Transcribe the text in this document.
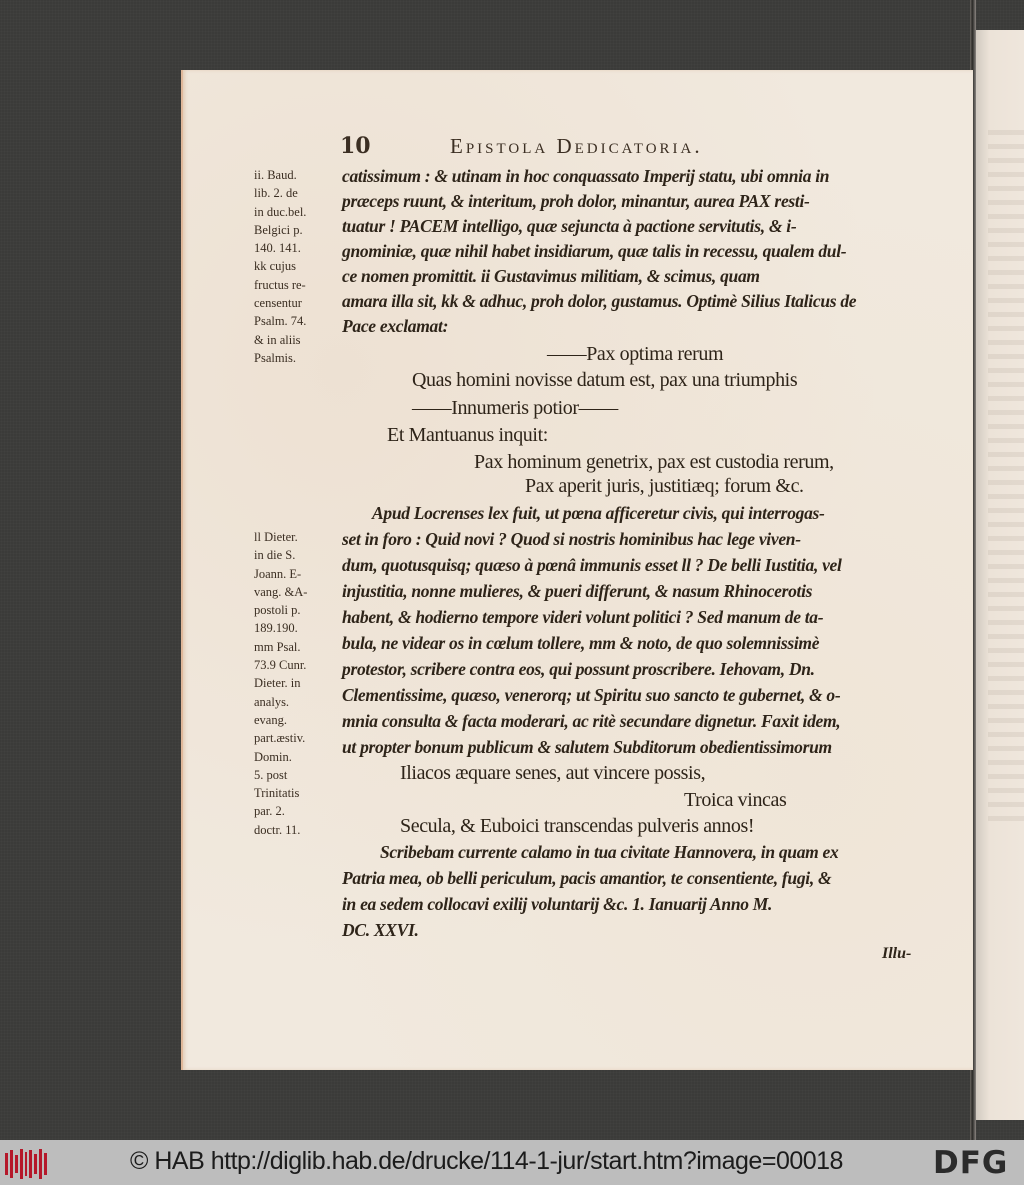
10	Epistola Dedicatoria.
ii. Baud.
lib. 2. de
in duc.bel.
Belgici p.
140. 141.
kk cujus
fructus re-
censentur
Psalm. 74.
& in aliis
Psalmis.
ll Dieter.
in die S.
Joann. E-
vang. &A-
postoli p.
189.190.
mm Psal.
73.9 Cunr.
Dieter. in
analys.
evang.
part.æstiv.
Domin.
5. post
Trinitatis
par. 2.
doctr. 11.
catissimum : & utinam in hoc conquassato Imperij statu, ubi omnia in
præceps ruunt, & interitum, proh dolor, minantur, aurea PAX resti-
tuatur ! PACEM intelligo, quæ sejuncta à pactione servitutis, & i-
gnominiæ, quæ nihil habet insidiarum, quæ talis in recessu, qualem dul-
ce nomen promittit. ii Gustavimus militiam, & scimus, quam
amara illa sit, kk & adhuc, proh dolor, gustamus. Optimè Silius Italicus de
Pace exclamat:
——Pax optima rerum
Quas homini novisse datum est, pax una triumphis
——Innumeris potior——
Et Mantuanus inquit:
Pax hominum genetrix, pax est custodia rerum,
Pax aperit juris, justitiæq; forum &c.
Apud Locrenses lex fuit, ut pœna afficeretur civis, qui interrogas-
set in foro : Quid novi ? Quod si nostris hominibus hac lege viven-
dum, quotusquisq; quæso à pœnâ immunis esset ll ? De belli Iustitia, vel
injustitia, nonne mulieres, & pueri differunt, & nasum Rhinocerotis
habent, & hodierno tempore videri volunt politici ? Sed manum de ta-
bula, ne videar os in cœlum tollere, mm & noto, de quo solemnissimè
protestor, scribere contra eos, qui possunt proscribere. Iehovam, Dn.
Clementissime, quæso, venerorq; ut Spiritu suo sancto te gubernet, & o-
mnia consulta & facta moderari, ac ritè secundare dignetur. Faxit idem,
ut propter bonum publicum & salutem Subditorum obedientissimorum
Iliacos æquare senes, aut vincere possis,
Troica vincas
Secula, & Euboici transcendas pulveris annos!
Scribebam currente calamo in tua civitate Hannovera, in quam ex
Patria mea, ob belli periculum, pacis amantior, te consentiente, fugi, &
in ea sedem collocavi exilij voluntarij &c. 1. Ianuarij Anno M.
DC. XXVI.
Illu-
© HAB http://diglib.hab.de/drucke/114-1-jur/start.htm?image=00018	DFG
